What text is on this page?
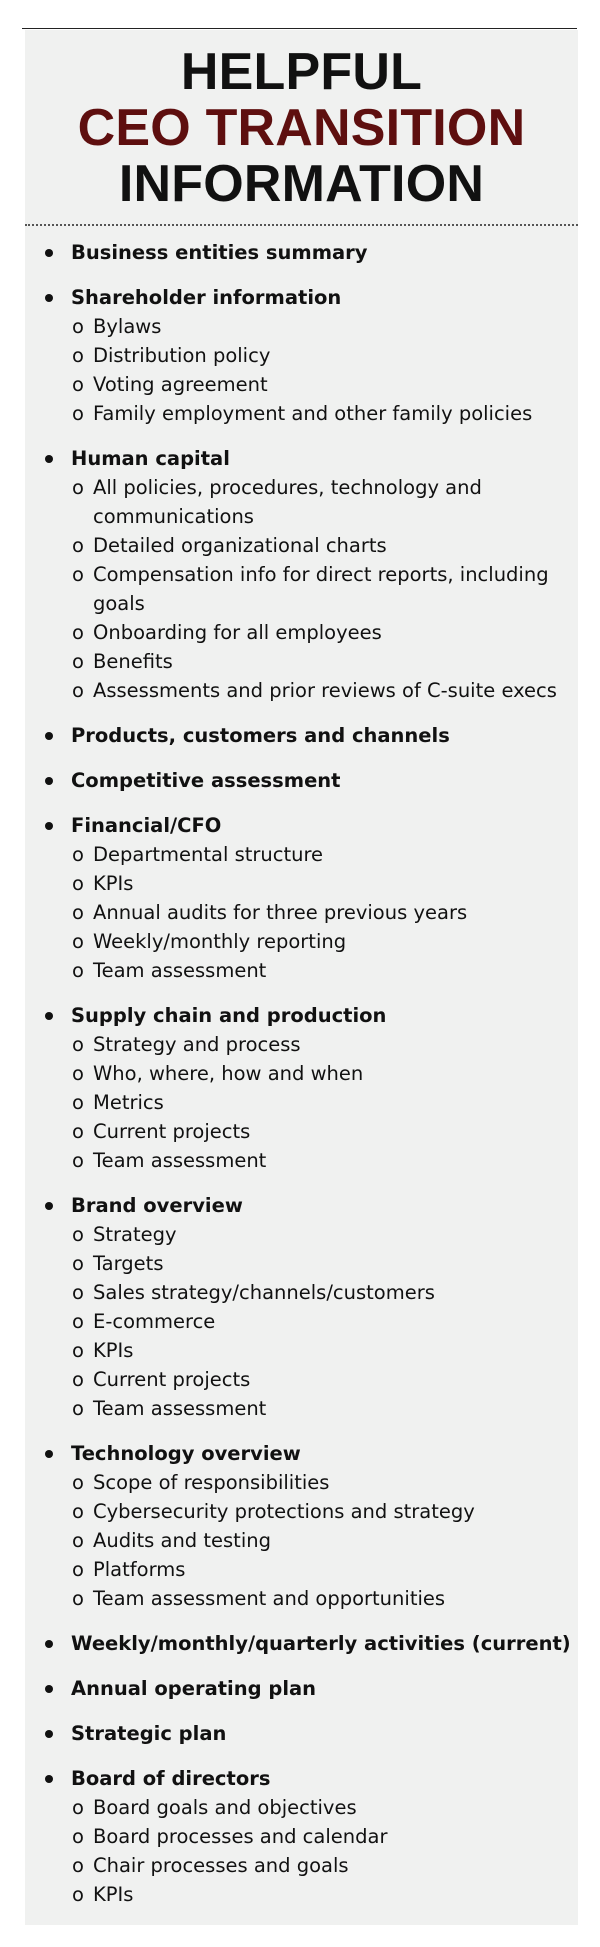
HELPFUL
CEO TRANSITION
INFORMATION
Business entities summary
Shareholder information
o Bylaws
o Distribution policy
o Voting agreement
o Family employment and other family policies
Human capital
o All policies, procedures, technology and communications
o Detailed organizational charts
o Compensation info for direct reports, including goals
o Onboarding for all employees
o Benefits
o Assessments and prior reviews of C-suite execs
Products, customers and channels
Competitive assessment
Financial/CFO
o Departmental structure
o KPIs
o Annual audits for three previous years
o Weekly/monthly reporting
o Team assessment
Supply chain and production
o Strategy and process
o Who, where, how and when
o Metrics
o Current projects
o Team assessment
Brand overview
o Strategy
o Targets
o Sales strategy/channels/customers
o E-commerce
o KPIs
o Current projects
o Team assessment
Technology overview
o Scope of responsibilities
o Cybersecurity protections and strategy
o Audits and testing
o Platforms
o Team assessment and opportunities
Weekly/monthly/quarterly activities (current)
Annual operating plan
Strategic plan
Board of directors
o Board goals and objectives
o Board processes and calendar
o Chair processes and goals
o KPIs
